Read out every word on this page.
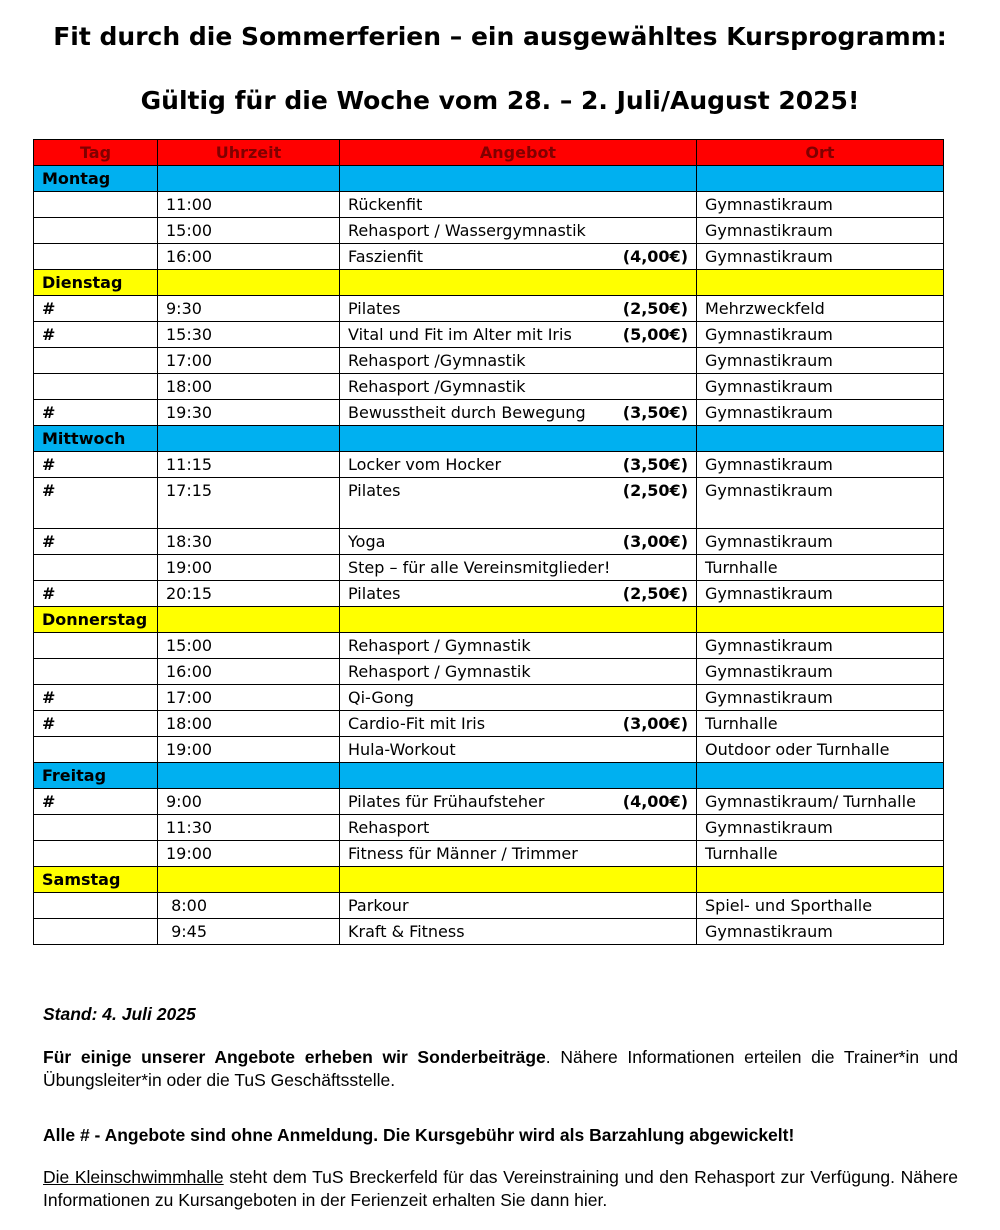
Fit durch die Sommerferien – ein ausgewähltes Kursprogramm:
Gültig für die Woche vom 28. – 2. Juli/August 2025!
Tag	Uhrzeit	Angebot	Ort
Montag			
	11:00	Rückenfit	Gymnastikraum
	15:00	Rehasport / Wassergymnastik	Gymnastikraum
	16:00	Faszienfit (4,00€)	Gymnastikraum
Dienstag			
#	9:30	Pilates (2,50€)	Mehrzweckfeld
#	15:30	Vital und Fit im Alter mit Iris (5,00€)	Gymnastikraum
	17:00	Rehasport /Gymnastik	Gymnastikraum
	18:00	Rehasport /Gymnastik	Gymnastikraum
#	19:30	Bewusstheit durch Bewegung (3,50€)	Gymnastikraum
Mittwoch			
#	11:15	Locker vom Hocker (3,50€)	Gymnastikraum
#	17:15	Pilates (2,50€)	Gymnastikraum
#	18:30	Yoga (3,00€)	Gymnastikraum
	19:00	Step – für alle Vereinsmitglieder!	Turnhalle
#	20:15	Pilates (2,50€)	Gymnastikraum
Donnerstag			
	15:00	Rehasport / Gymnastik	Gymnastikraum
	16:00	Rehasport / Gymnastik	Gymnastikraum
#	17:00	Qi-Gong	Gymnastikraum
#	18:00	Cardio-Fit mit Iris (3,00€)	Turnhalle
	19:00	Hula-Workout	Outdoor oder Turnhalle
Freitag			
#	9:00	Pilates für Frühaufsteher (4,00€)	Gymnastikraum/ Turnhalle
	11:30	Rehasport	Gymnastikraum
	19:00	Fitness für Männer / Trimmer	Turnhalle
Samstag			
	8:00	Parkour	Spiel- und Sporthalle
	9:45	Kraft & Fitness	Gymnastikraum
Stand: 4. Juli 2025
Für einige unserer Angebote erheben wir Sonderbeiträge. Nähere Informationen erteilen die Trainer*in und Übungsleiter*in oder die TuS Geschäftsstelle.
Alle # - Angebote sind ohne Anmeldung. Die Kursgebühr wird als Barzahlung abgewickelt!
Die Kleinschwimmhalle steht dem TuS Breckerfeld für das Vereinstraining und den Rehasport zur Verfügung. Nähere Informationen zu Kursangeboten in der Ferienzeit erhalten Sie dann hier.
